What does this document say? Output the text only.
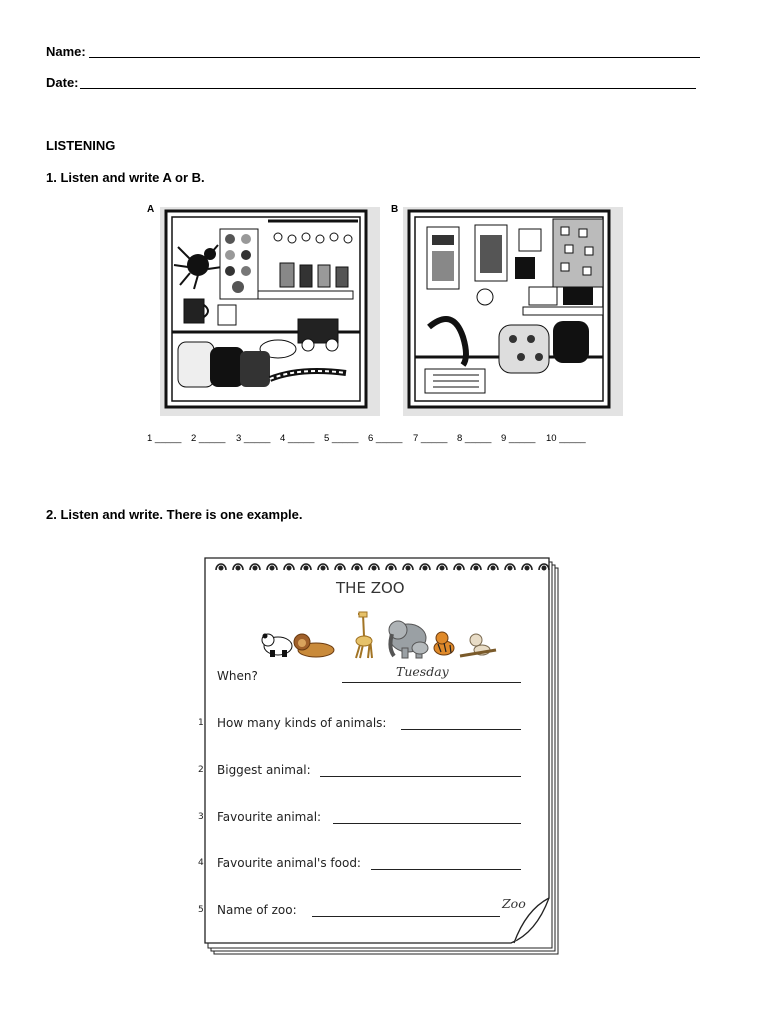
Name:
Date:
LISTENING
1. Listen and write A or B.
A	B
1 _____ 2 _____ 3 _____ 4 _____ 5 _____ 6 _____ 7 _____ 8 _____ 9 _____ 10 _____
2. Listen and write. There is one example.
THE ZOO
When?	Tuesday
1 How many kinds of animals:
2 Biggest animal:
3 Favourite animal:
4 Favourite animal's food:
5 Name of zoo:	Zoo
